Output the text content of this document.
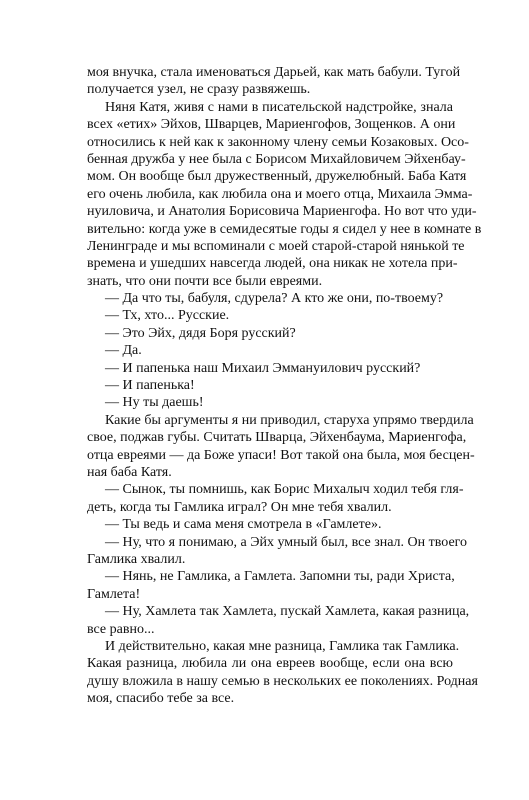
моя внучка, стала именоваться Дарьей, как мать бабули. Тугой
получается узел, не сразу развяжешь.
Няня Катя, живя с нами в писательской надстройке, знала
всех «етих» Эйхов, Шварцев, Мариенгофов, Зощенков. А они
относились к ней как к законному члену семьи Козаковых. Осо-
бенная дружба у нее была с Борисом Михайловичем Эйхенбау-
мом. Он вообще был дружественный, дружелюбный. Баба Катя
его очень любила, как любила она и моего отца, Михаила Эмма-
нуиловича, и Анатолия Борисовича Мариенгофа. Но вот что уди-
вительно: когда уже в семидесятые годы я сидел у нее в комнате в
Ленинграде и мы вспоминали с моей старой-старой нянькой те
времена и ушедших навсегда людей, она никак не хотела при-
знать, что они почти все были евреями.
— Да что ты, бабуля, сдурела? А кто же они, по-твоему?
— Тх, хто... Русские.
— Это Эйх, дядя Боря русский?
— Да.
— И папенька наш Михаил Эммануилович русский?
— И папенька!
— Ну ты даешь!
Какие бы аргументы я ни приводил, старуха упрямо твердила
свое, поджав губы. Считать Шварца, Эйхенбаума, Мариенгофа,
отца евреями — да Боже упаси! Вот такой она была, моя бесцен-
ная баба Катя.
— Сынок, ты помнишь, как Борис Михалыч ходил тебя гля-
деть, когда ты Гамлика играл? Он мне тебя хвалил.
— Ты ведь и сама меня смотрела в «Гамлете».
— Ну, что я понимаю, а Эйх умный был, все знал. Он твоего
Гамлика хвалил.
— Нянь, не Гамлика, а Гамлета. Запомни ты, ради Христа,
Гамлета!
— Ну, Хамлета так Хамлета, пускай Хамлета, какая разница,
все равно...
И действительно, какая мне разница, Гамлика так Гамлика.
Какая разница, любила ли она евреев вообще, если она всю
душу вложила в нашу семью в нескольких ее поколениях. Родная
моя, спасибо тебе за все.
